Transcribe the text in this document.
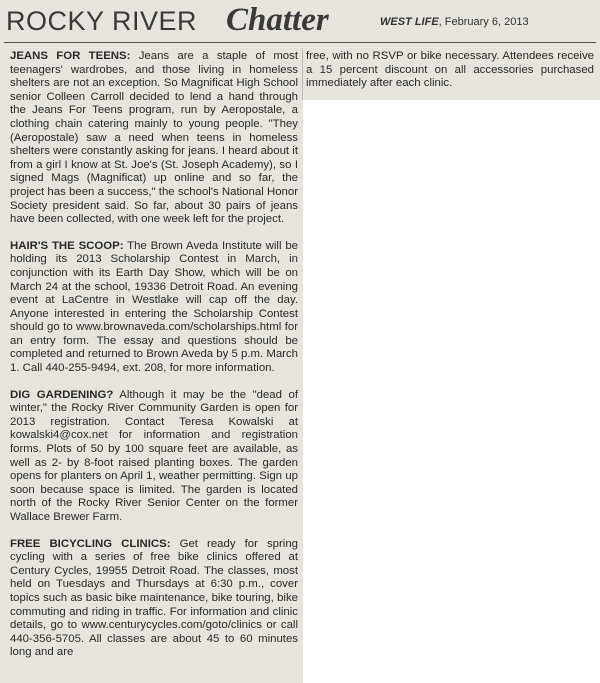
ROCKY RIVER Chatter	WEST LIFE, February 6, 2013

JEANS FOR TEENS: Jeans are a staple of most teenagers' wardrobes, and those living in homeless shelters are not an exception. So Magnificat High School senior Colleen Carroll decided to lend a hand through the Jeans For Teens program, run by Aeropostale, a clothing chain catering mainly to young people. "They (Aeropostale) saw a need when teens in homeless shelters were constantly asking for jeans. I heard about it from a girl I know at St. Joe's (St. Joseph Academy), so I signed Mags (Magnificat) up online and so far, the project has been a success," the school's National Honor Society president said. So far, about 30 pairs of jeans have been collected, with one week left for the project.

HAIR'S THE SCOOP: The Brown Aveda Institute will be holding its 2013 Scholarship Contest in March, in conjunction with its Earth Day Show, which will be on March 24 at the school, 19336 Detroit Road. An evening event at LaCentre in Westlake will cap off the day. Anyone interested in entering the Scholarship Contest should go to www.brownaveda.com/scholarships.html for an entry form. The essay and questions should be completed and returned to Brown Aveda by 5 p.m. March 1. Call 440-255-9494, ext. 208, for more information.

DIG GARDENING? Although it may be the "dead of winter," the Rocky River Community Garden is open for 2013 registration. Contact Teresa Kowalski at kowalski4@cox.net for information and registration forms. Plots of 50 by 100 square feet are available, as well as 2- by 8-foot raised planting boxes. The garden opens for planters on April 1, weather permitting. Sign up soon because space is limited. The garden is located north of the Rocky River Senior Center on the former Wallace Brewer Farm.

FREE BICYCLING CLINICS: Get ready for spring cycling with a series of free bike clinics offered at Century Cycles, 19955 Detroit Road. The classes, most held on Tuesdays and Thursdays at 6:30 p.m., cover topics such as basic bike maintenance, bike touring, bike commuting and riding in traffic. For information and clinic details, go to www.centurycycles.com/goto/clinics or call 440-356-5705. All classes are about 45 to 60 minutes long and are

free, with no RSVP or bike necessary. Attendees receive a 15 percent discount on all accessories purchased immediately after each clinic.
